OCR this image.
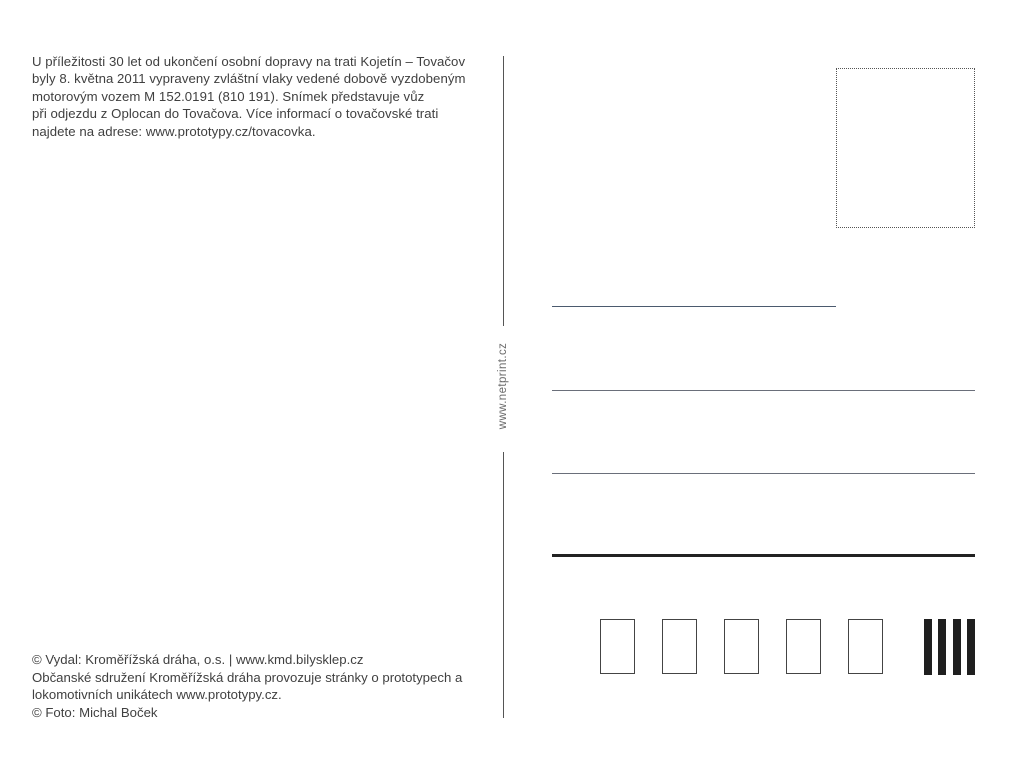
U příležitosti 30 let od ukončení osobní dopravy na trati Kojetín – Tovačov
byly 8. května 2011 vypraveny zvláštní vlaky vedené dobově vyzdobeným
motorovým vozem M 152.0191 (810 191). Snímek představuje vůz
při odjezdu z Oplocan do Tovačova. Více informací o tovačovské trati
najdete na adrese: www.prototypy.cz/tovacovka.
© Vydal: Kroměřížská dráha, o.s. | www.kmd.bilysklep.cz
Občanské sdružení Kroměřížská dráha provozuje stránky o prototypech a
lokomotivních unikátech www.prototypy.cz.
© Foto: Michal Boček
www.netprint.cz
